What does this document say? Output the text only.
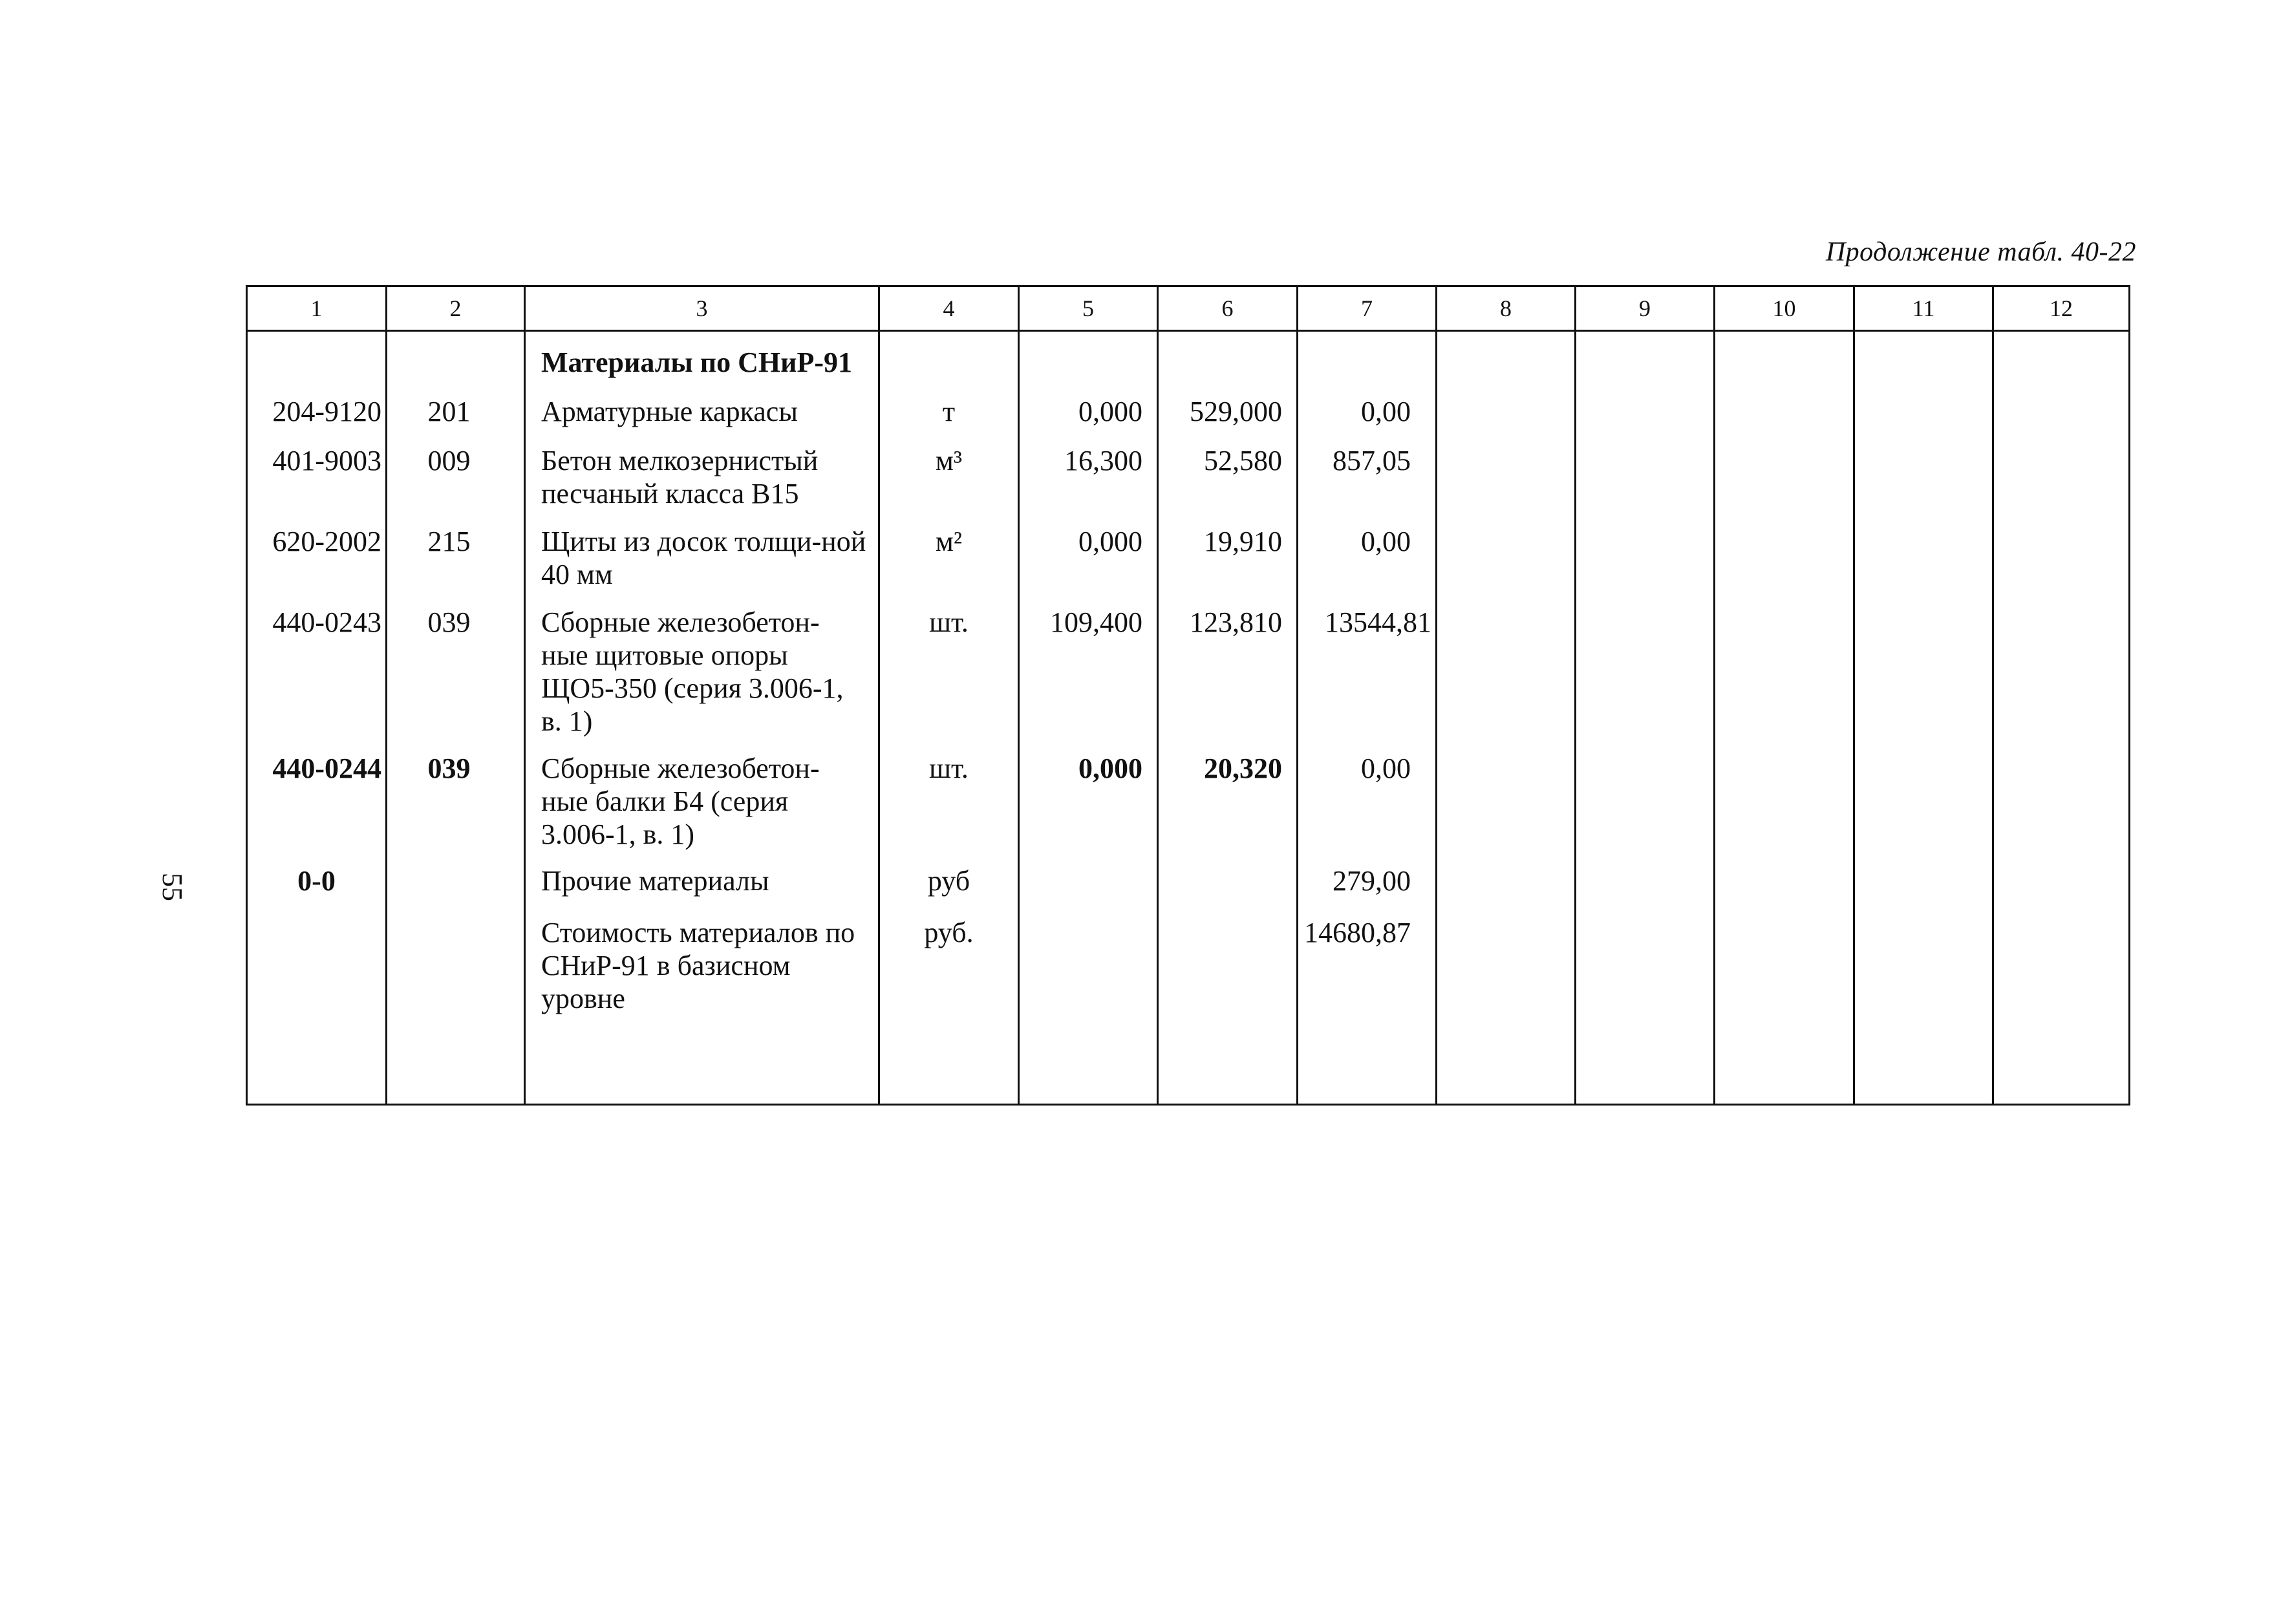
Продолжение табл. 40-22
55
1	2	3	4	5	6	7	8	9	10	11	12
		Материалы по СНиР-91									
204-9120	201	Арматурные каркасы	т	0,000	529,000	0,00					
401-9003	009	Бетон мелкозернистый песчаный класса В15	м³	16,300	52,580	857,05					
620-2002	215	Щиты из досок толщи-ной 40 мм	м²	0,000	19,910	0,00					
440-0243	039	Сборные железобетон-ные щитовые опоры ЩО5-350 (серия 3.006-1, в. 1)	шт.	109,400	123,810	13544,81					
440-0244	039	Сборные железобетон-ные балки Б4 (серия 3.006-1, в. 1)	шт.	0,000	20,320	0,00					
0-0		Прочие материалы	руб			279,00					
		Стоимость материалов по СНиР-91 в базисном уровне	руб.			14680,87					
